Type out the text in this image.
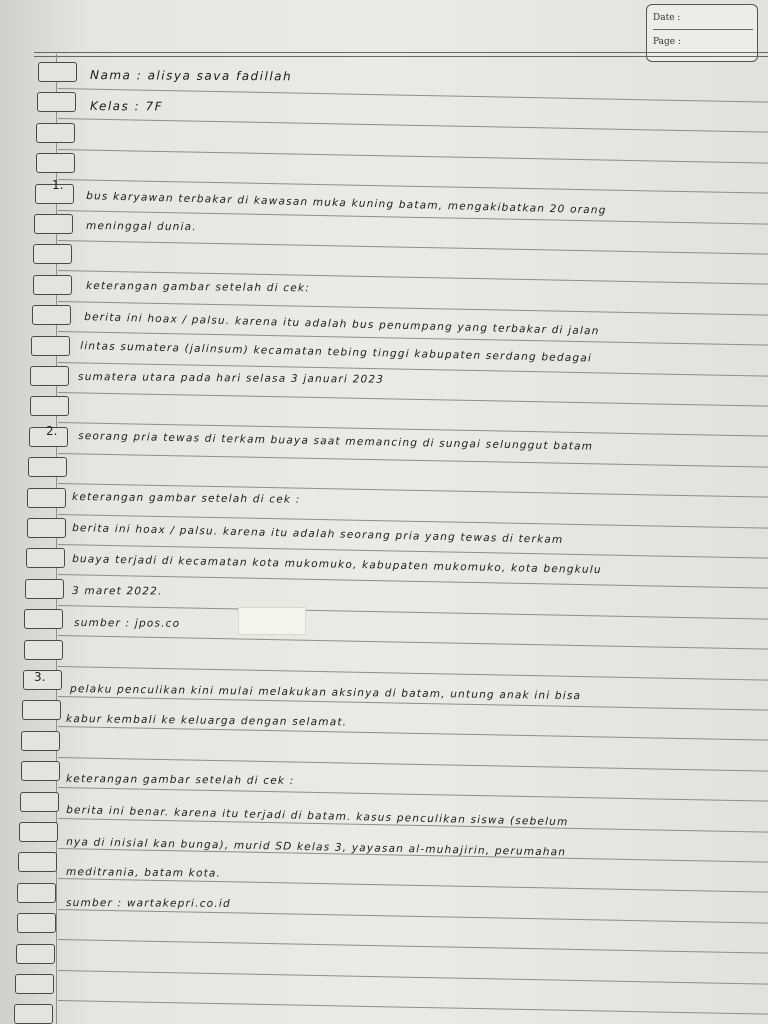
Date :
Page :
Nama : alisya sava fadillah
Kelas : 7F
1.
bus karyawan terbakar di kawasan muka kuning batam, mengakibatkan 20 orang
meninggal dunia.
keterangan gambar setelah di cek:
berita ini hoax / palsu. karena itu adalah bus penumpang yang terbakar di jalan
lintas sumatera (jalinsum) kecamatan tebing tinggi kabupaten serdang bedagai
sumatera utara pada hari selasa 3 januari 2023
2. seorang pria tewas di terkam buaya saat memancing di sungai selunggut batam
keterangan gambar setelah di cek :
berita ini hoax / palsu. karena itu adalah seorang pria yang tewas di terkam
buaya terjadi di kecamatan kota mukomuko, kabupaten mukomuko, kota bengkulu
3 maret 2022.
sumber : jpos.co
3.
pelaku penculikan kini mulai melakukan aksinya di batam, untung anak ini bisa
kabur kembali ke keluarga dengan selamat.
keterangan gambar setelah di cek :
berita ini benar. karena itu terjadi di batam. kasus penculikan siswa (sebelum
nya di inisial kan bunga), murid SD kelas 3, yayasan al-muhajirin, perumahan
meditrania, batam kota.
sumber : wartakepri.co.id
